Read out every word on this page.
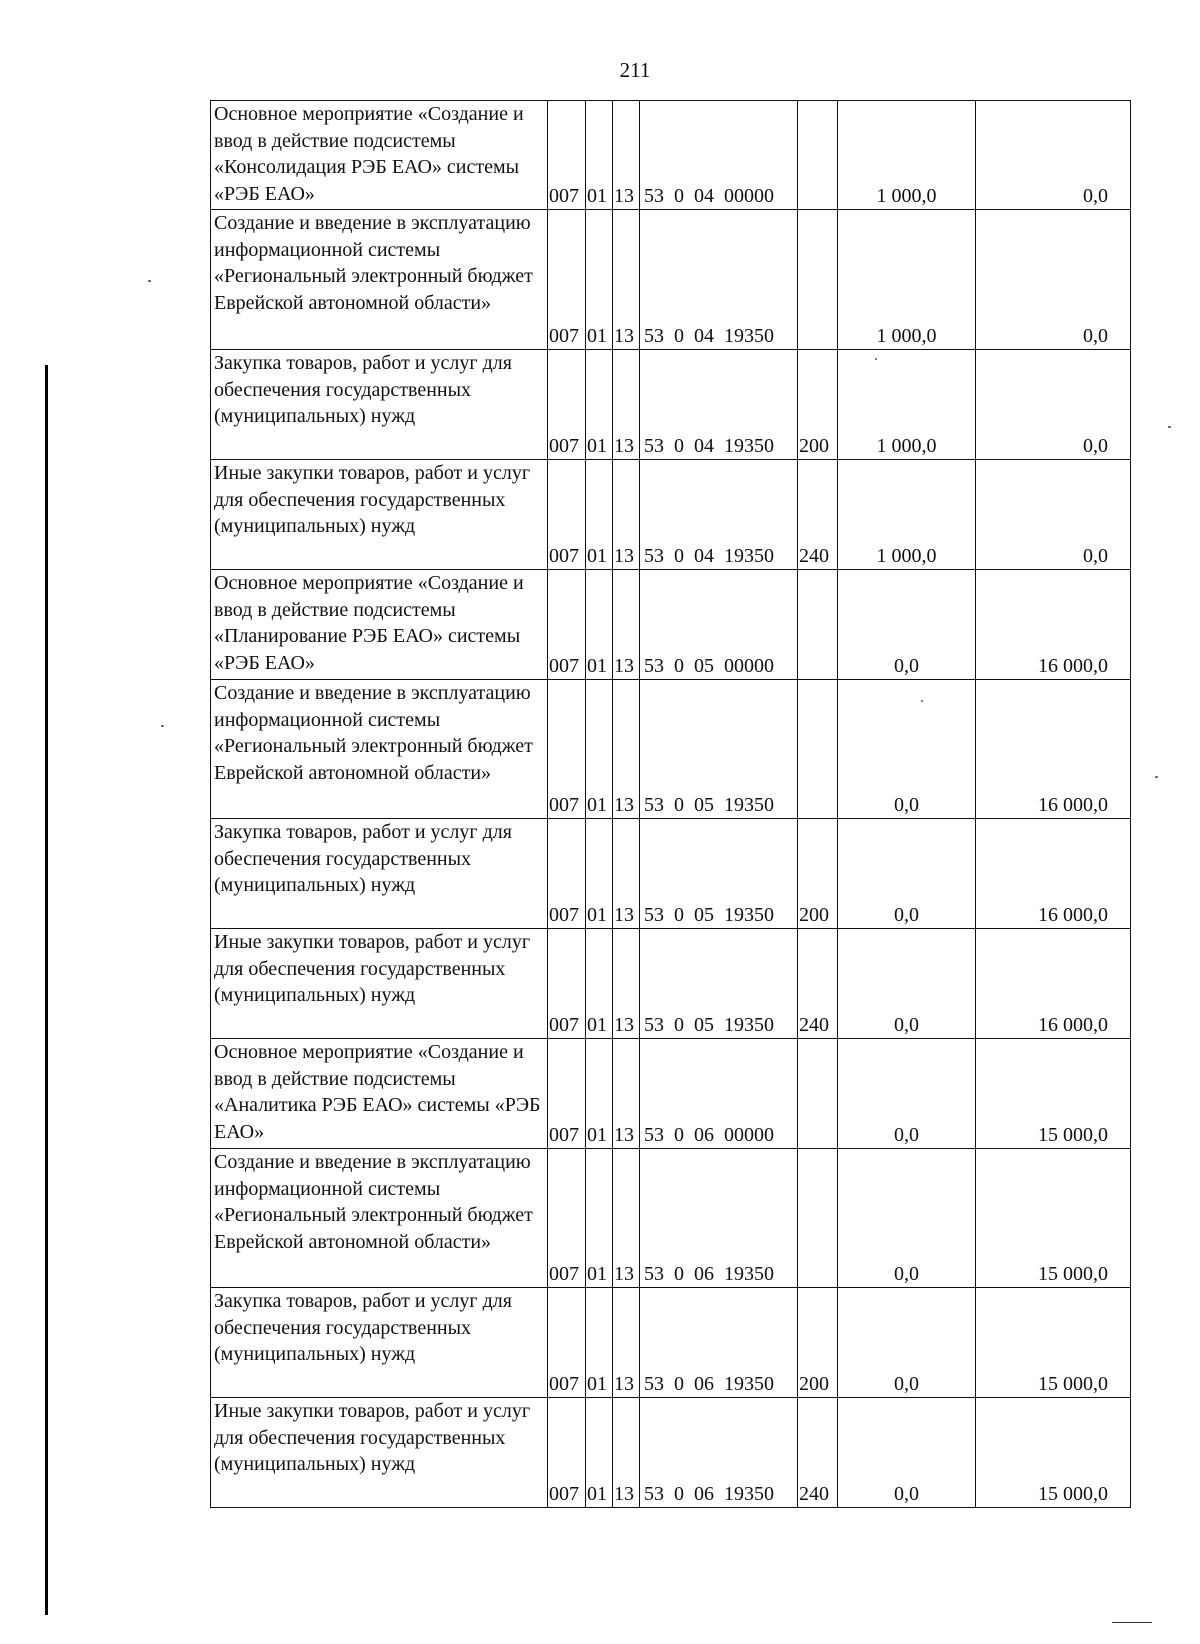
211
Основное мероприятие «Создание и ввод в действие подсистемы «Консолидация РЭБ ЕАО» системы «РЭБ ЕАО»	007	01	13	53  0  04  00000		1 000,0	0,0
Создание и введение в эксплуатацию информационной системы «Региональный электронный бюджет Еврейской автономной области»	007	01	13	53  0  04  19350		1 000,0	0,0
Закупка товаров, работ и услуг для обеспечения государственных (муниципальных) нужд	007	01	13	53  0  04  19350	200	1 000,0	0,0
Иные закупки товаров, работ и услуг для обеспечения государственных (муниципальных) нужд	007	01	13	53  0  04  19350	240	1 000,0	0,0
Основное мероприятие «Создание и ввод в действие подсистемы «Планирование РЭБ ЕАО» системы «РЭБ ЕАО»	007	01	13	53  0  05  00000		0,0	16 000,0
Создание и введение в эксплуатацию информационной системы «Региональный электронный бюджет Еврейской автономной области»	007	01	13	53  0  05  19350		0,0	16 000,0
Закупка товаров, работ и услуг для обеспечения государственных (муниципальных) нужд	007	01	13	53  0  05  19350	200	0,0	16 000,0
Иные закупки товаров, работ и услуг для обеспечения государственных (муниципальных) нужд	007	01	13	53  0  05  19350	240	0,0	16 000,0
Основное мероприятие «Создание и ввод в действие подсистемы «Аналитика РЭБ ЕАО» системы «РЭБ ЕАО»	007	01	13	53  0  06  00000		0,0	15 000,0
Создание и введение в эксплуатацию информационной системы «Региональный электронный бюджет Еврейской автономной области»	007	01	13	53  0  06  19350		0,0	15 000,0
Закупка товаров, работ и услуг для обеспечения государственных (муниципальных) нужд	007	01	13	53  0  06  19350	200	0,0	15 000,0
Иные закупки товаров, работ и услуг для обеспечения государственных (муниципальных) нужд	007	01	13	53  0  06  19350	240	0,0	15 000,0
